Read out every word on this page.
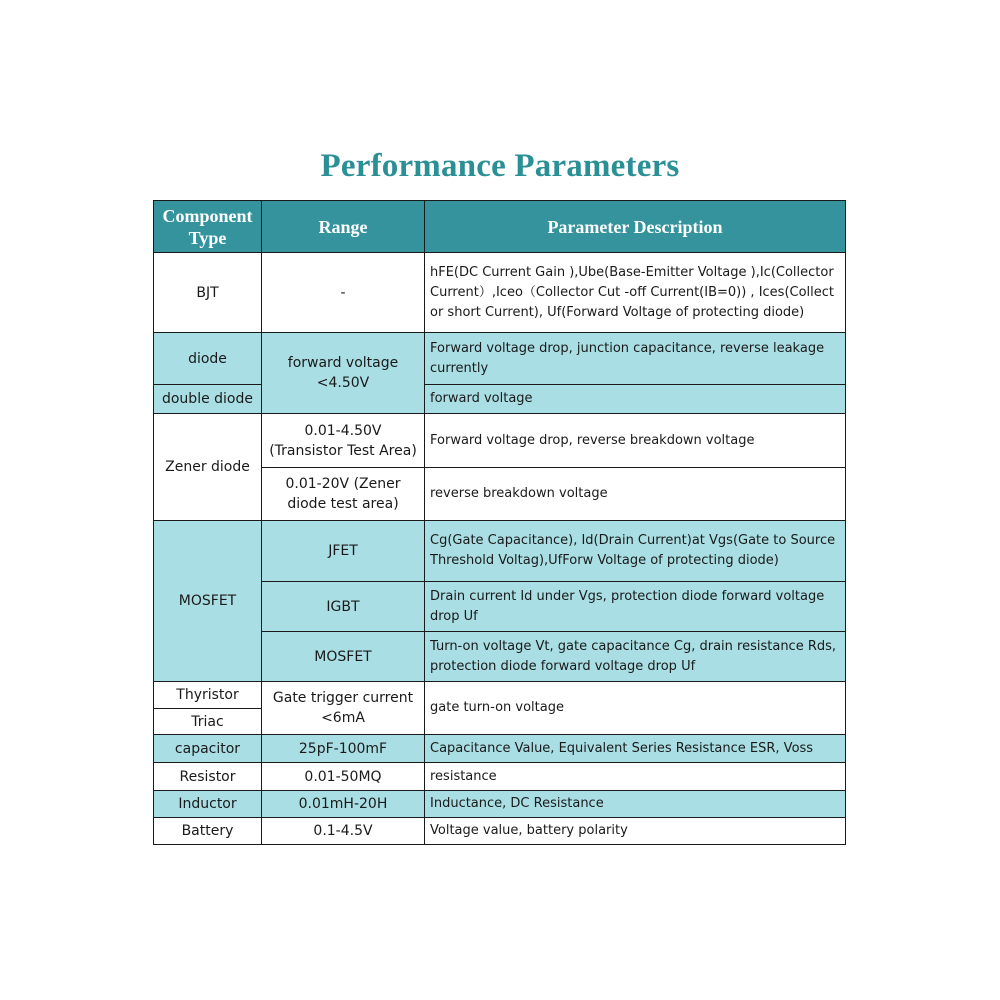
Performance Parameters
Component Type	Range	Parameter Description
BJT	-	hFE(DC Current Gain ),Ube(Base-Emitter Voltage ),Ic(Collector Current）,Iceo（Collector Cut -off Current(IB=0)) , Ices(Collect or short Current), Uf(Forward Voltage of protecting diode)
diode	forward voltage <4.50V	Forward voltage drop, junction capacitance, reverse leakage currently
double diode		forward voltage
Zener diode	0.01-4.50V (Transistor Test Area)	Forward voltage drop, reverse breakdown voltage
	0.01-20V (Zener diode test area)	reverse breakdown voltage
MOSFET	JFET	Cg(Gate Capacitance), Id(Drain Current)at Vgs(Gate to Source Threshold Voltag),UfForw Voltage of protecting diode)
	IGBT	Drain current Id under Vgs, protection diode forward voltage drop Uf
	MOSFET	Turn-on voltage Vt, gate capacitance Cg, drain resistance Rds, protection diode forward voltage drop Uf
Thyristor	Gate trigger current <6mA	gate turn-on voltage
Triac		
capacitor	25pF-100mF	Capacitance Value, Equivalent Series Resistance ESR, Voss
Resistor	0.01-50MQ	resistance
Inductor	0.01mH-20H	Inductance, DC Resistance
Battery	0.1-4.5V	Voltage value, battery polarity
